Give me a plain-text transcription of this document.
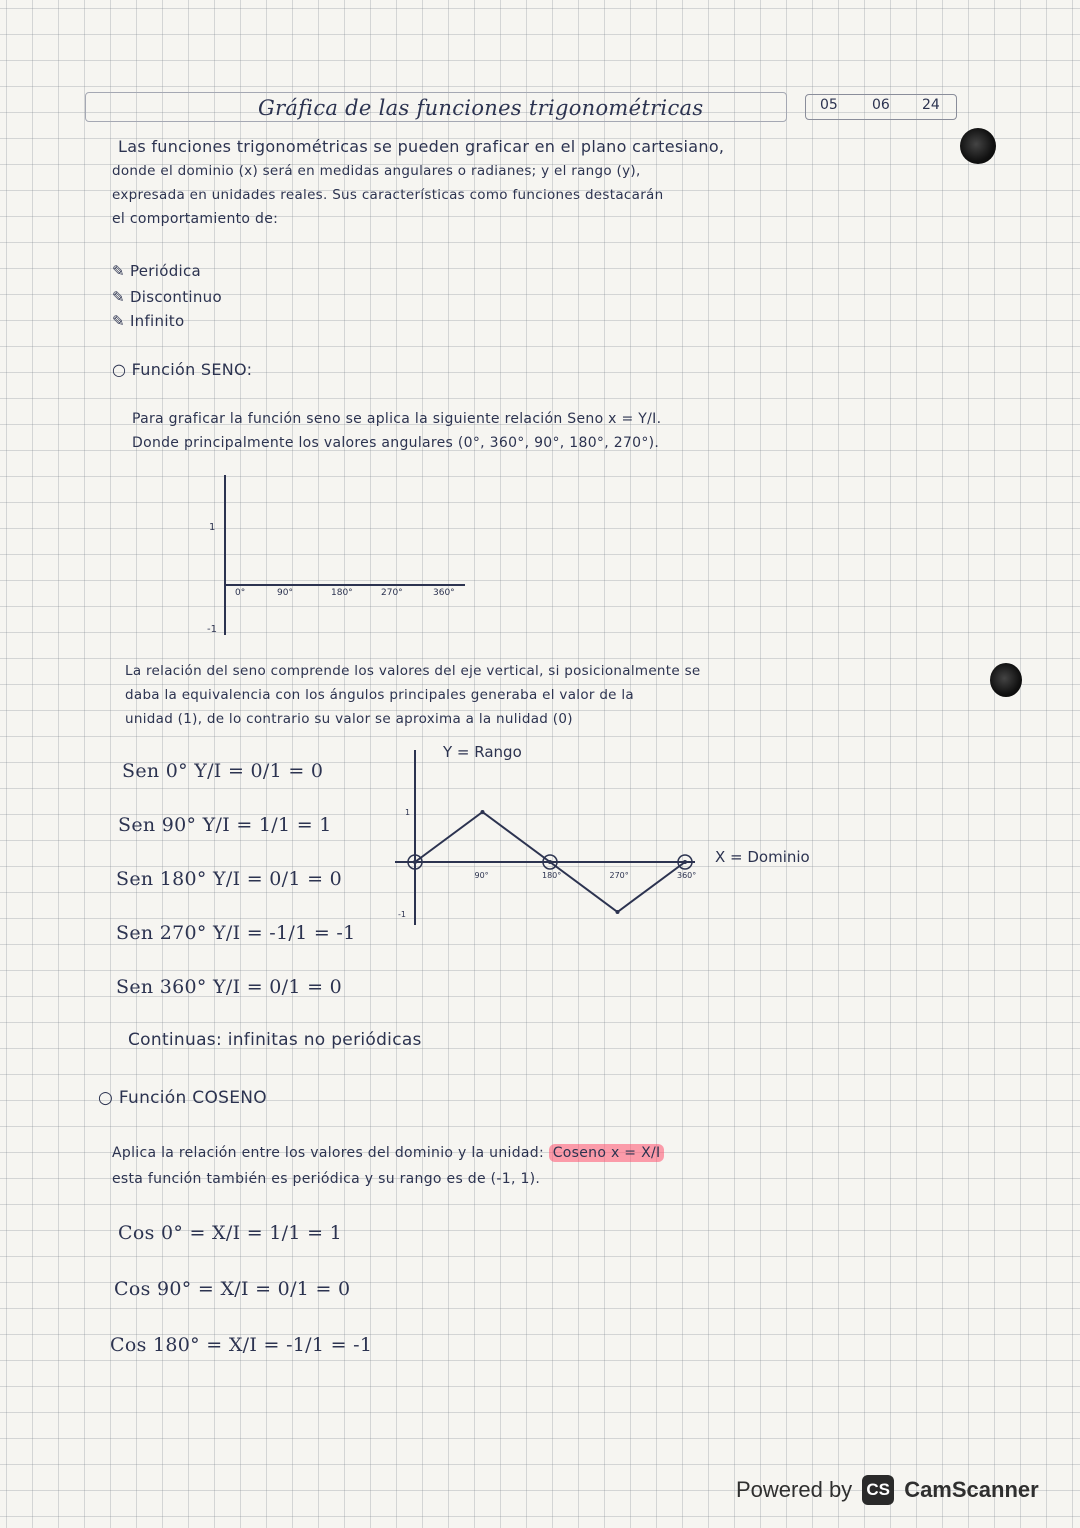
Gráfica de las funciones trigonométricas	05 06 24
Las funciones trigonométricas se pueden graficar en el plano cartesiano,
donde el dominio (x) será en medidas angulares o radianes; y el rango (y),
expresada en unidades reales. Sus características como funciones destacarán
el comportamiento de:
✎ Periódica
✎ Discontinuo
✎ Infinito
○ Función SENO:
Para graficar la función seno se aplica la siguiente relación Seno x = Y/I.
Donde principalmente los valores angulares (0°, 360°, 90°, 180°, 270°).
1
-1
0°	90°	180°	270°	360°
La relación del seno comprende los valores del eje vertical, si posicionalmente se
daba la equivalencia con los ángulos principales generaba el valor de la
unidad (1), de lo contrario su valor se aproxima a la nulidad (0)
Sen 0° Y/I = 0/1 = 0
Sen 90° Y/I = 1/1 = 1
Sen 180° Y/I = 0/1 = 0
Sen 270° Y/I = -1/1 = -1
Sen 360° Y/I = 0/1 = 0
Y = Rango
X = Dominio
1
-1
90°	180°	270°	360°
Continuas: infinitas no periódicas
○ Función COSENO
Aplica la relación entre los valores del dominio y la unidad: Coseno x = X/I
esta función también es periódica y su rango es de (-1, 1).
Cos 0° = X/I = 1/1 = 1
Cos 90° = X/I = 0/1 = 0
Cos 180° = X/I = -1/1 = -1
Powered by CS CamScanner
